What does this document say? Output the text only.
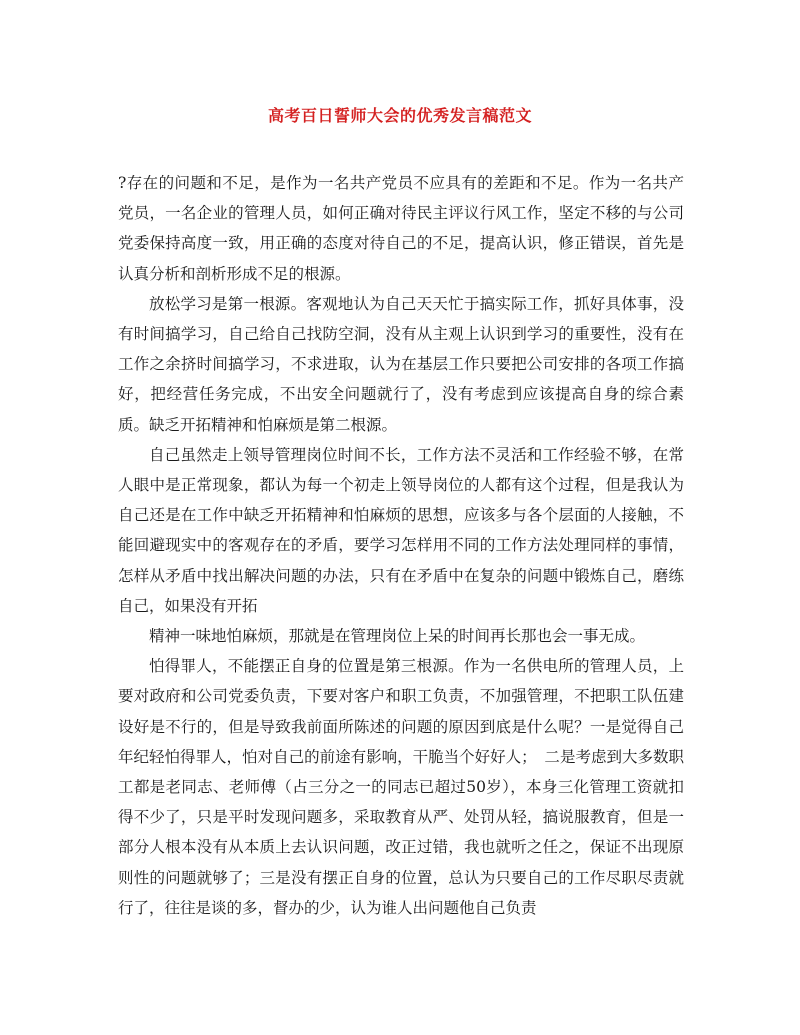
高考百日誓师大会的优秀发言稿范文

?存在的问题和不足，是作为一名共产党员不应具有的差距和不足。作为一名共产党员，一名企业的管理人员，如何正确对待民主评议行风工作，坚定不移的与公司党委保持高度一致，用正确的态度对待自己的不足，提高认识，修正错误，首先是认真分析和剖析形成不足的根源。

放松学习是第一根源。客观地认为自己天天忙于搞实际工作，抓好具体事，没有时间搞学习，自己给自己找防空洞，没有从主观上认识到学习的重要性，没有在工作之余挤时间搞学习，不求进取，认为在基层工作只要把公司安排的各项工作搞好，把经营任务完成，不出安全问题就行了，没有考虑到应该提高自身的综合素质。缺乏开拓精神和怕麻烦是第二根源。

自己虽然走上领导管理岗位时间不长，工作方法不灵活和工作经验不够，在常人眼中是正常现象，都认为每一个初走上领导岗位的人都有这个过程，但是我认为自己还是在工作中缺乏开拓精神和怕麻烦的思想，应该多与各个层面的人接触，不能回避现实中的客观存在的矛盾，要学习怎样用不同的工作方法处理同样的事情，怎样从矛盾中找出解决问题的办法，只有在矛盾中在复杂的问题中锻炼自己，磨练自己，如果没有开拓

精神一味地怕麻烦，那就是在管理岗位上呆的时间再长那也会一事无成。

怕得罪人，不能摆正自身的位置是第三根源。作为一名供电所的管理人员，上要对政府和公司党委负责，下要对客户和职工负责，不加强管理，不把职工队伍建设好是不行的，但是导致我前面所陈述的问题的原因到底是什么呢？一是觉得自己年纪轻怕得罪人，怕对自己的前途有影响，干脆当个好好人；　二是考虑到大多数职工都是老同志、老师傅（占三分之一的同志已超过50岁），本身三化管理工资就扣得不少了，只是平时发现问题多，采取教育从严、处罚从轻，搞说服教育，但是一部分人根本没有从本质上去认识问题，改正过错，我也就听之任之，保证不出现原则性的问题就够了；三是没有摆正自身的位置，总认为只要自己的工作尽职尽责就行了，往往是谈的多，督办的少，认为谁人出问题他自己负责
